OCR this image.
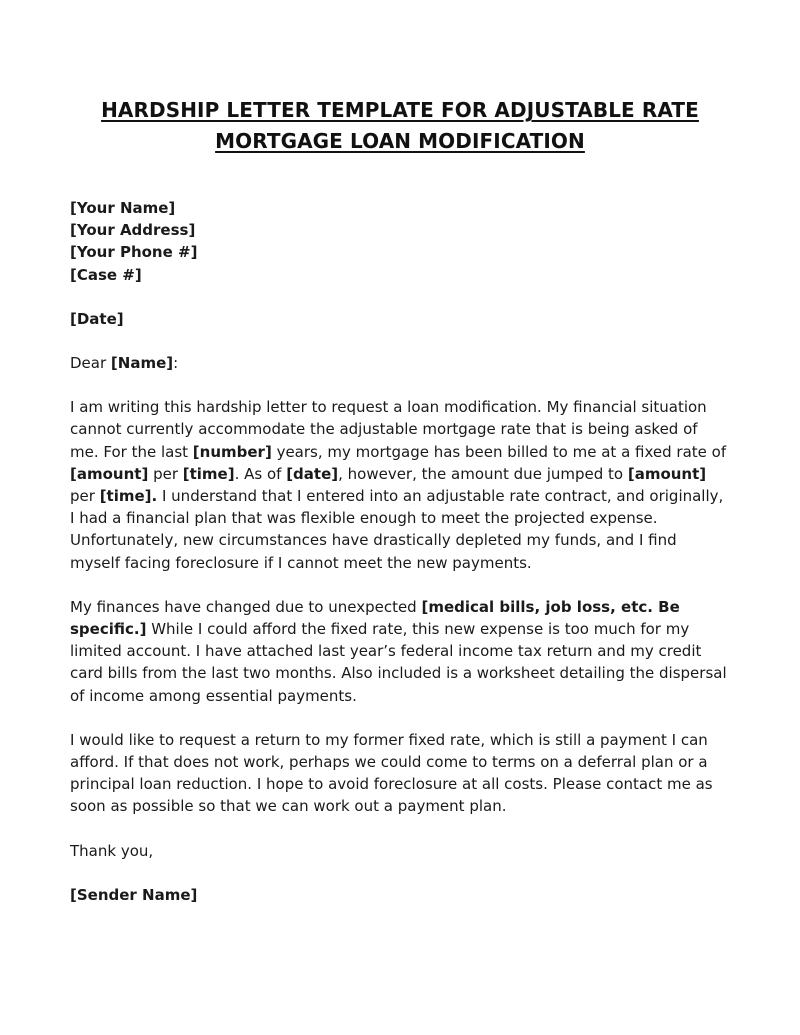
HARDSHIP LETTER TEMPLATE FOR ADJUSTABLE RATE
MORTGAGE LOAN MODIFICATION
[Your Name]
[Your Address]
[Your Phone #]
[Case #]
[Date]
Dear [Name]:

I am writing this hardship letter to request a loan modification. My financial situation cannot currently accommodate the adjustable mortgage rate that is being asked of me. For the last [number] years, my mortgage has been billed to me at a fixed rate of [amount] per [time]. As of [date], however, the amount due jumped to [amount] per [time]. I understand that I entered into an adjustable rate contract, and originally, I had a financial plan that was flexible enough to meet the projected expense. Unfortunately, new circumstances have drastically depleted my funds, and I find myself facing foreclosure if I cannot meet the new payments.

My finances have changed due to unexpected [medical bills, job loss, etc. Be specific.] While I could afford the fixed rate, this new expense is too much for my limited account. I have attached last year’s federal income tax return and my credit card bills from the last two months. Also included is a worksheet detailing the dispersal of income among essential payments.

I would like to request a return to my former fixed rate, which is still a payment I can afford. If that does not work, perhaps we could come to terms on a deferral plan or a principal loan reduction. I hope to avoid foreclosure at all costs. Please contact me as soon as possible so that we can work out a payment plan.

Thank you,
[Sender Name]
